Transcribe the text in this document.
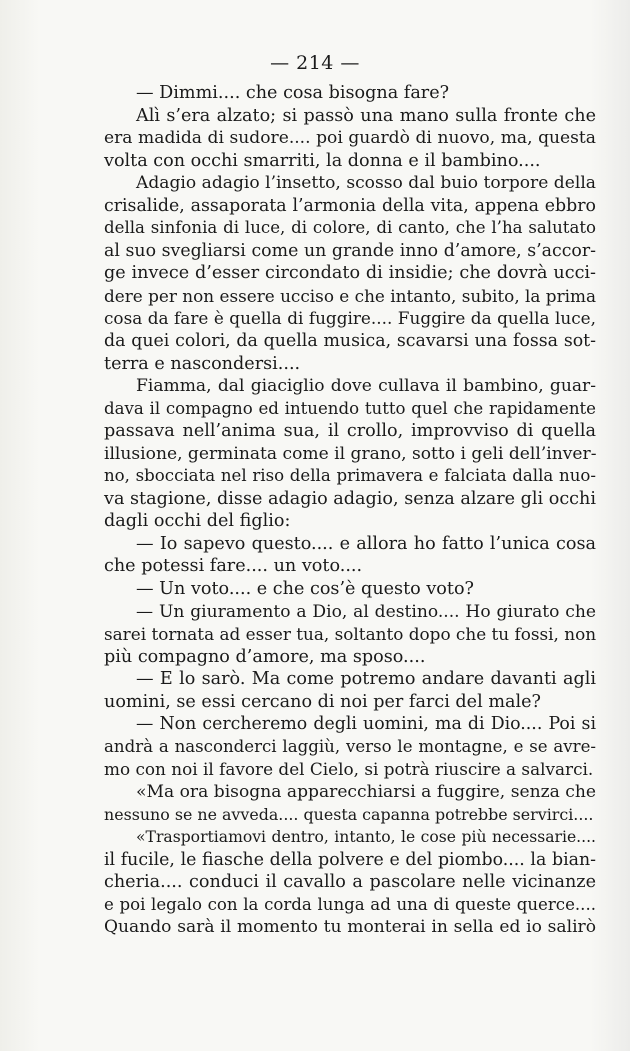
— 214 —
— Dimmi.... che cosa bisogna fare?
Alì s’era alzato; si passò una mano sulla fronte che
era madida di sudore.... poi guardò di nuovo, ma, questa
volta con occhi smarriti, la donna e il bambino....
Adagio adagio l’insetto, scosso dal buio torpore della
crisalide, assaporata l’armonia della vita, appena ebbro
della sinfonia di luce, di colore, di canto, che l’ha salutato
al suo svegliarsi come un grande inno d’amore, s’accor-
ge invece d’esser circondato di insidie; che dovrà ucci-
dere per non essere ucciso e che intanto, subito, la prima
cosa da fare è quella di fuggire.... Fuggire da quella luce,
da quei colori, da quella musica, scavarsi una fossa sot-
terra e nascondersi....
Fiamma, dal giaciglio dove cullava il bambino, guar-
dava il compagno ed intuendo tutto quel che rapidamente
passava nell’anima sua, il crollo, improvviso di quella
illusione, germinata come il grano, sotto i geli dell’inver-
no, sbocciata nel riso della primavera e falciata dalla nuo-
va stagione, disse adagio adagio, senza alzare gli occhi
dagli occhi del figlio:
— Io sapevo questo.... e allora ho fatto l’unica cosa
che potessi fare.... un voto....
— Un voto.... e che cos’è questo voto?
— Un giuramento a Dio, al destino.... Ho giurato che
sarei tornata ad esser tua, soltanto dopo che tu fossi, non
più compagno d’amore, ma sposo....
— E lo sarò. Ma come potremo andare davanti agli
uomini, se essi cercano di noi per farci del male?
— Non cercheremo degli uomini, ma di Dio.... Poi si
andrà a nasconderci laggiù, verso le montagne, e se avre-
mo con noi il favore del Cielo, si potrà riuscire a salvarci.
«Ma ora bisogna apparecchiarsi a fuggire, senza che
nessuno se ne avveda.... questa capanna potrebbe servirci....
«Trasportiamovi dentro, intanto, le cose più necessarie....
il fucile, le fiasche della polvere e del piombo.... la bian-
cheria.... conduci il cavallo a pascolare nelle vicinanze
e poi legalo con la corda lunga ad una di queste querce....
Quando sarà il momento tu monterai in sella ed io salirò
